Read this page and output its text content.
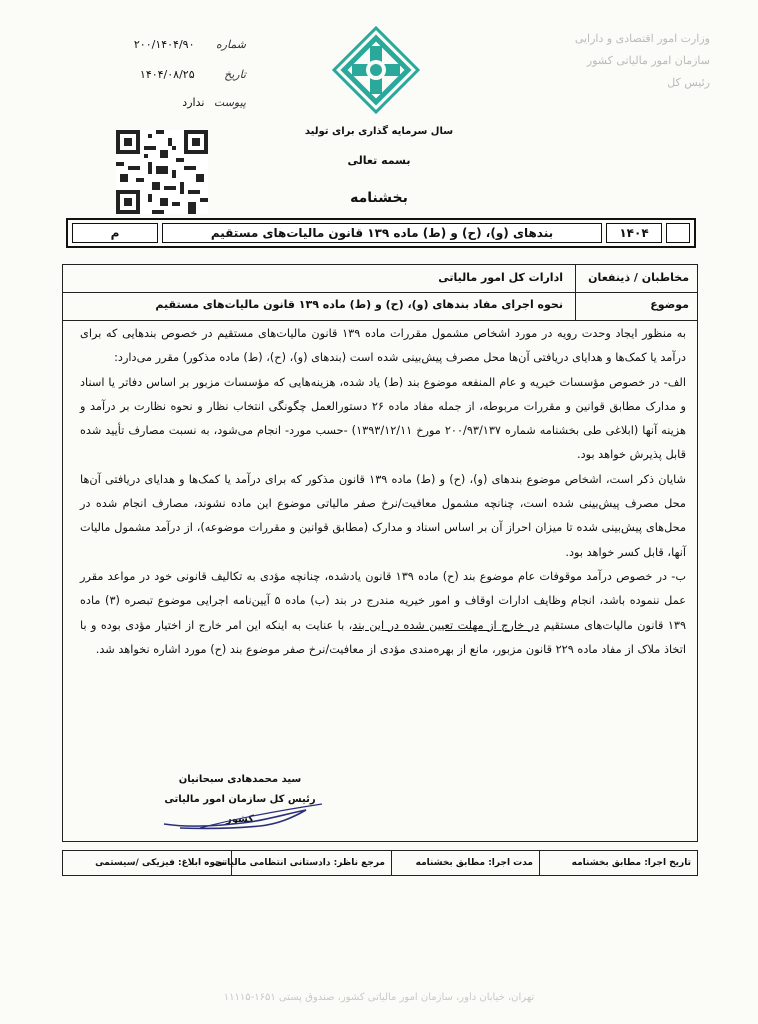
وزارت امور اقتصادی و دارایی
سازمان امور مالیاتی کشور
رئیس کل
سال سرمایه گذاری برای تولید
بسمه تعالی
بخشنامه
شماره ۲۰۰/۱۴۰۴/۹۰
تاریخ ۱۴۰۴/۰۸/۲۵
پیوست ندارد
۱۴۰۴
بندهای (و)، (ح) و (ط) ماده ۱۳۹ قانون مالیات‌های مستقیم
م
مخاطبان / ذینفعان
ادارات کل امور مالیاتی
موضوع
نحوه اجرای مفاد بندهای (و)، (ح) و (ط) ماده ۱۳۹ قانون مالیات‌های مستقیم

به منظور ایجاد وحدت رویه در مورد اشخاص مشمول مقررات ماده ۱۳۹ قانون مالیات‌های مستقیم در خصوص بندهایی که برای درآمد یا کمک‌ها و هدایای دریافتی آن‌ها محل مصرف پیش‌بینی شده است (بندهای (و)، (ح)، (ط) ماده مذکور) مقرر می‌دارد:

الف- در خصوص مؤسسات خیریه و عام المنفعه موضوع بند (ط) یاد شده، هزینه‌هایی که مؤسسات مزبور بر اساس دفاتر یا اسناد و مدارک مطابق قوانین و مقررات مربوطه، از جمله مفاد ماده ۲۶ دستورالعمل چگونگی انتخاب نظار و نحوه نظارت بر درآمد و هزینه آنها (ابلاغی طی بخشنامه شماره ۲۰۰/۹۳/۱۳۷ مورخ ۱۳۹۳/۱۲/۱۱) -حسب مورد- انجام می‌شود، به نسبت مصارف تأیید شده قابل پذیرش خواهد بود.

شایان ذکر است، اشخاص موضوع بندهای (و)، (ح) و (ط) ماده ۱۳۹ قانون مذکور که برای درآمد یا کمک‌ها و هدایای دریافتی آن‌ها محل مصرف پیش‌بینی شده است، چنانچه مشمول معافیت/نرخ صفر مالیاتی موضوع این ماده نشوند، مصارف انجام شده در محل‌های پیش‌بینی شده تا میزان احراز آن بر اساس اسناد و مدارک (مطابق قوانین و مقررات موضوعه)، از درآمد مشمول مالیات آنها، قابل کسر خواهد بود.

ب- در خصوص درآمد موقوفات عام موضوع بند (ح) ماده ۱۳۹ قانون یادشده، چنانچه مؤدی به تکالیف قانونی خود در مواعد مقرر عمل ننموده باشد، انجام وظایف ادارات اوقاف و امور خیریه مندرج در بند (ب) ماده ۵ آیین‌نامه اجرایی موضوع تبصره (۳) ماده ۱۳۹ قانون مالیات‌های مستقیم در خارج از مهلت تعیین شده در این بند، با عنایت به اینکه این امر خارج از اختیار مؤدی بوده و با اتخاذ ملاک از مفاد ماده ۲۲۹ قانون مزبور، مانع از بهره‌مندی مؤدی از معافیت/نرخ صفر موضوع بند (ح) مورد اشاره نخواهد شد.

سید محمدهادی سبحانیان
رئیس کل سازمان امور مالیاتی کشور
تاریخ اجرا: مطابق بخشنامه
مدت اجرا: مطابق بخشنامه
مرجع ناظر: دادستانی انتظامی مالیاتی
نحوه ابلاغ: فیزیکی /سیستمی
تهران، خیابان داور، سازمان امور مالیاتی کشور، صندوق پستی ۱۶۵۱-۱۱۱۱۵
